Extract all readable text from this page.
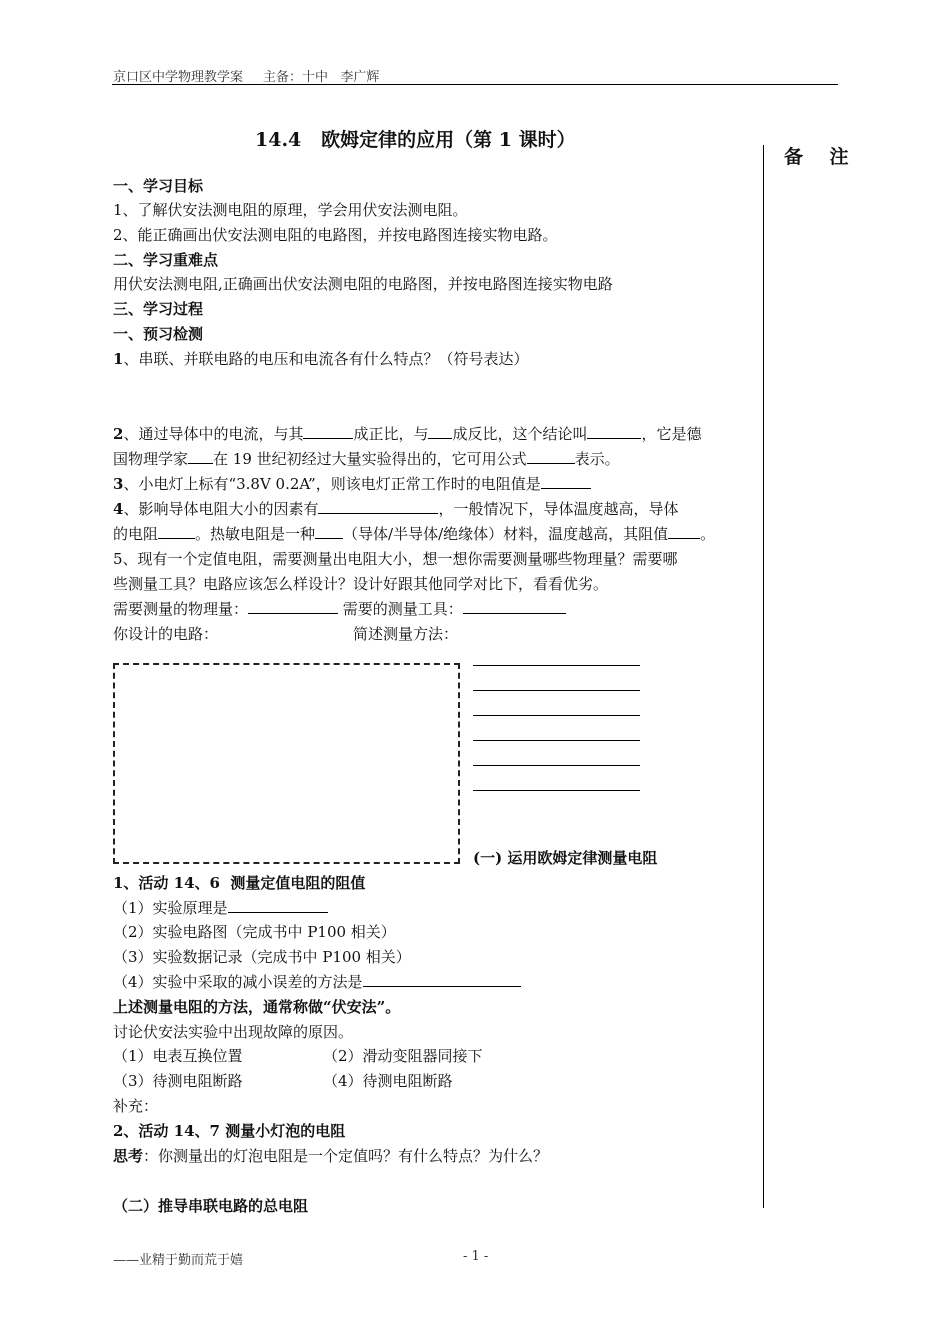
京口区中学物理教学案 主备：十中   李广辉
14.4   欧姆定律的应用（第 1 课时）
备    注
一、学习目标
1、了解伏安法测电阻的原理，学会用伏安法测电阻。
2、能正确画出伏安法测电阻的电路图，并按电路图连接实物电路。
二、学习重难点
用伏安法测电阻,正确画出伏安法测电阻的电路图，并按电路图连接实物电路
三、学习过程
一、预习检测
1、串联、并联电路的电压和电流各有什么特点？（符号表达）
2、通过导体中的电流，与其	成正比，与 成反比，这个结论叫	，它是德
国物理学家 在 19 世纪初经过大量实验得出的，它可用公式	表示。
3、小电灯上标有“3.8V 0.2A”，则该电灯正常工作时的电阻值是
4、影响导体电阻大小的因素有	，一般情况下，导体温度越高，导体
的电阻 。热敏电阻是一种 （导体/半导体/绝缘体）材料，温度越高，其阻值 。
5、现有一个定值电阻，需要测量出电阻大小，想一想你需要测量哪些物理量？需要哪
些测量工具？电路应该怎么样设计？设计好跟其他同学对比下，看看优劣。
需要测量的物理量：	需要的测量工具：
你设计的电路：	简述测量方法：
(一) 运用欧姆定律测量电阻
1、活动 14、6  测量定值电阻的阻值
（1）实验原理是
（2）实验电路图（完成书中 P100 相关）
（3）实验数据记录（完成书中 P100 相关）
（4）实验中采取的减小误差的方法是
上述测量电阻的方法，通常称做“伏安法”。
讨论伏安法实验中出现故障的原因。
（1）电表互换位置	（2）滑动变阻器同接下
（3）待测电阻断路	（4）待测电阻断路
补充：
2、活动 14、7 测量小灯泡的电阻
思考：你测量出的灯泡电阻是一个定值吗？有什么特点？为什么？
（二）推导串联电路的总电阻
——业精于勤而荒于嬉	- 1 -
